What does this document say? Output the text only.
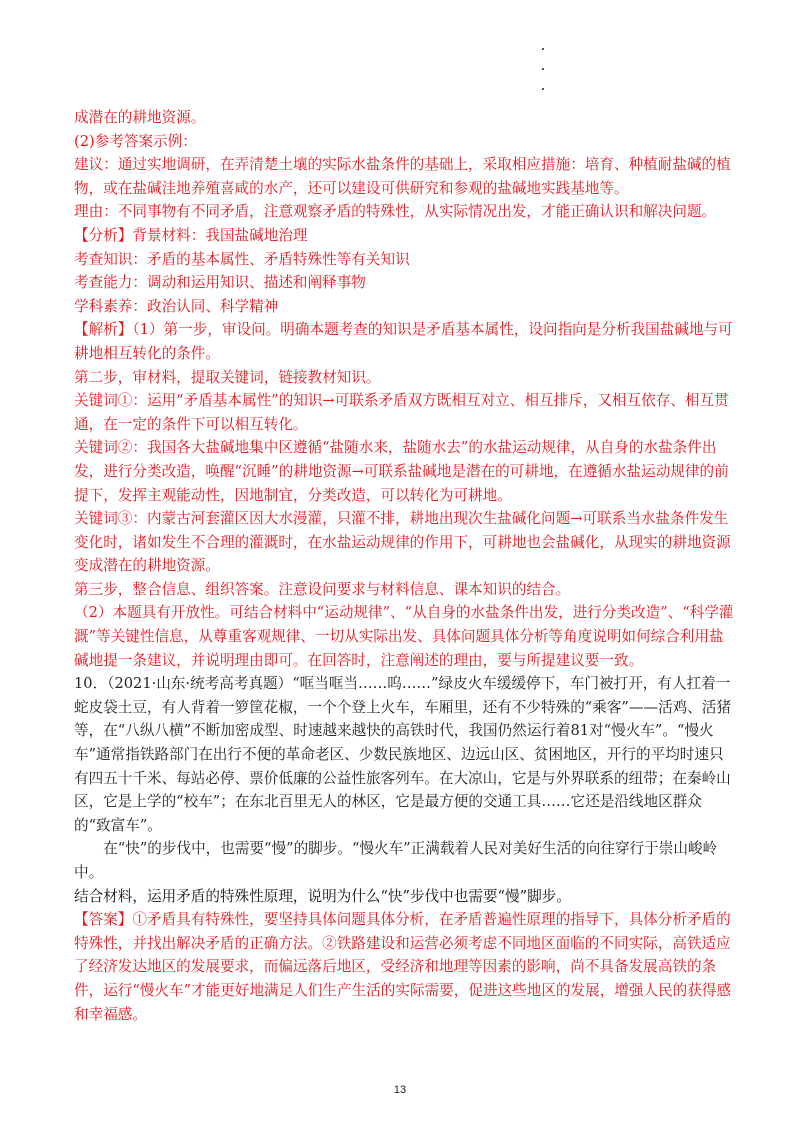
成潜在的耕地资源。

(2)参考答案示例：

建议：通过实地调研，在弄清楚土壤的实际水盐条件的基础上，采取相应措施：培育、种植耐盐碱的植物，或在盐碱洼地养殖喜咸的水产，还可以建设可供研究和参观的盐碱地实践基地等。

理由：不同事物有不同矛盾，注意观察矛盾的特殊性，从实际情况出发，才能正确认识和解决问题。

【分析】背景材料：我国盐碱地治理

考查知识：矛盾的基本属性、矛盾特殊性等有关知识

考查能力：调动和运用知识、描述和阐释事物

学科素养：政治认同、科学精神

【解析】（1）第一步，审设问。明确本题考查的知识是矛盾基本属性，设问指向是分析我国盐碱地与可耕地相互转化的条件。

第二步，审材料，提取关键词，链接教材知识。

关键词①：运用“矛盾基本属性”的知识→可联系矛盾双方既相互对立、相互排斥，又相互依存、相互贯通，在一定的条件下可以相互转化。

关键词②：我国各大盐碱地集中区遵循“盐随水来，盐随水去”的水盐运动规律，从自身的水盐条件出发，进行分类改造，唤醒“沉睡”的耕地资源→可联系盐碱地是潜在的可耕地，在遵循水盐运动规律的前提下，发挥主观能动性，因地制宜，分类改造，可以转化为可耕地。

关键词③：内蒙古河套灌区因大水漫灌，只灌不排，耕地出现次生盐碱化问题→可联系当水盐条件发生变化时，诸如发生不合理的灌溉时，在水盐运动规律的作用下，可耕地也会盐碱化，从现实的耕地资源变成潜在的耕地资源。

第三步，整合信息、组织答案。注意设问要求与材料信息、课本知识的结合。

（2）本题具有开放性。可结合材料中“运动规律”、“从自身的水盐条件出发，进行分类改造”、“科学灌溉”等关键性信息，从尊重客观规律、一切从实际出发、具体问题具体分析等角度说明如何综合利用盐碱地提一条建议，并说明理由即可。在回答时，注意阐述的理由，要与所提建议要一致。

10．（2021·山东·统考高考真题）“哐当哐当……呜……”绿皮火车缓缓停下，车门被打开，有人扛着一蛇皮袋土豆，有人背着一箩筐花椒，一个个登上火车，车厢里，还有不少特殊的“乘客”——活鸡、活猪等，在“八纵八横”不断加密成型、时速越来越快的高铁时代，我国仍然运行着81对“慢火车”。“慢火车”通常指铁路部门在出行不便的革命老区、少数民族地区、边远山区、贫困地区，开行的平均时速只有四五十千米、每站必停、票价低廉的公益性旅客列车。在大凉山，它是与外界联系的纽带；在秦岭山区，它是上学的“校车”；在东北百里无人的林区，它是最方便的交通工具……它还是沿线地区群众的“致富车”。

在“快”的步伐中，也需要“慢”的脚步。“慢火车”正满载着人民对美好生活的向往穿行于崇山峻岭中。

结合材料，运用矛盾的特殊性原理，说明为什么“快”步伐中也需要“慢”脚步。

【答案】①矛盾具有特殊性，要坚持具体问题具体分析，在矛盾普遍性原理的指导下，具体分析矛盾的特殊性，并找出解决矛盾的正确方法。②铁路建设和运营必须考虑不同地区面临的不同实际，高铁适应了经济发达地区的发展要求，而偏远落后地区，受经济和地理等因素的影响，尚不具备发展高铁的条件，运行“慢火车”才能更好地满足人们生产生活的实际需要，促进这些地区的发展，增强人民的获得感和幸福感。

13
